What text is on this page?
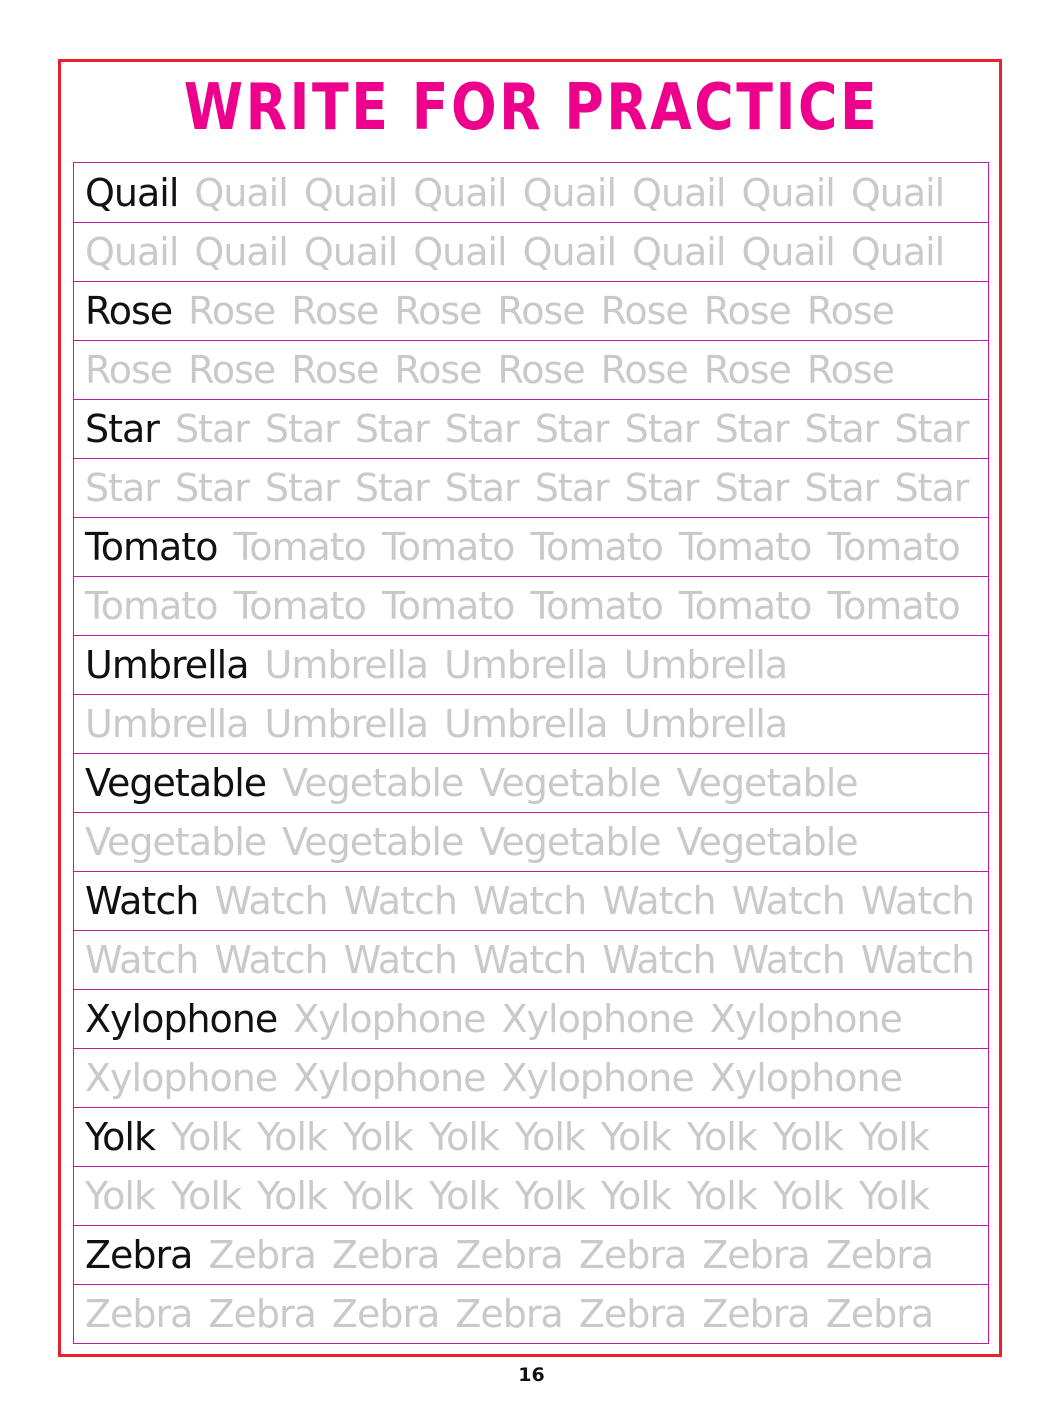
WRITE FOR PRACTICE
Quail Quail Quail Quail Quail Quail Quail Quail
Quail Quail Quail Quail Quail Quail Quail Quail
Rose Rose Rose Rose Rose Rose Rose Rose
Rose Rose Rose Rose Rose Rose Rose Rose
Star Star Star Star Star Star Star Star Star Star
Star Star Star Star Star Star Star Star Star Star
Tomato Tomato Tomato Tomato Tomato Tomato
Tomato Tomato Tomato Tomato Tomato Tomato
Umbrella Umbrella Umbrella Umbrella
Umbrella Umbrella Umbrella Umbrella
Vegetable Vegetable Vegetable Vegetable
Vegetable Vegetable Vegetable Vegetable
Watch Watch Watch Watch Watch Watch Watch
Watch Watch Watch Watch Watch Watch Watch
Xylophone Xylophone Xylophone Xylophone
Xylophone Xylophone Xylophone Xylophone
Yolk Yolk Yolk Yolk Yolk Yolk Yolk Yolk Yolk Yolk
Yolk Yolk Yolk Yolk Yolk Yolk Yolk Yolk Yolk Yolk
Zebra Zebra Zebra Zebra Zebra Zebra Zebra
Zebra Zebra Zebra Zebra Zebra Zebra Zebra
16
